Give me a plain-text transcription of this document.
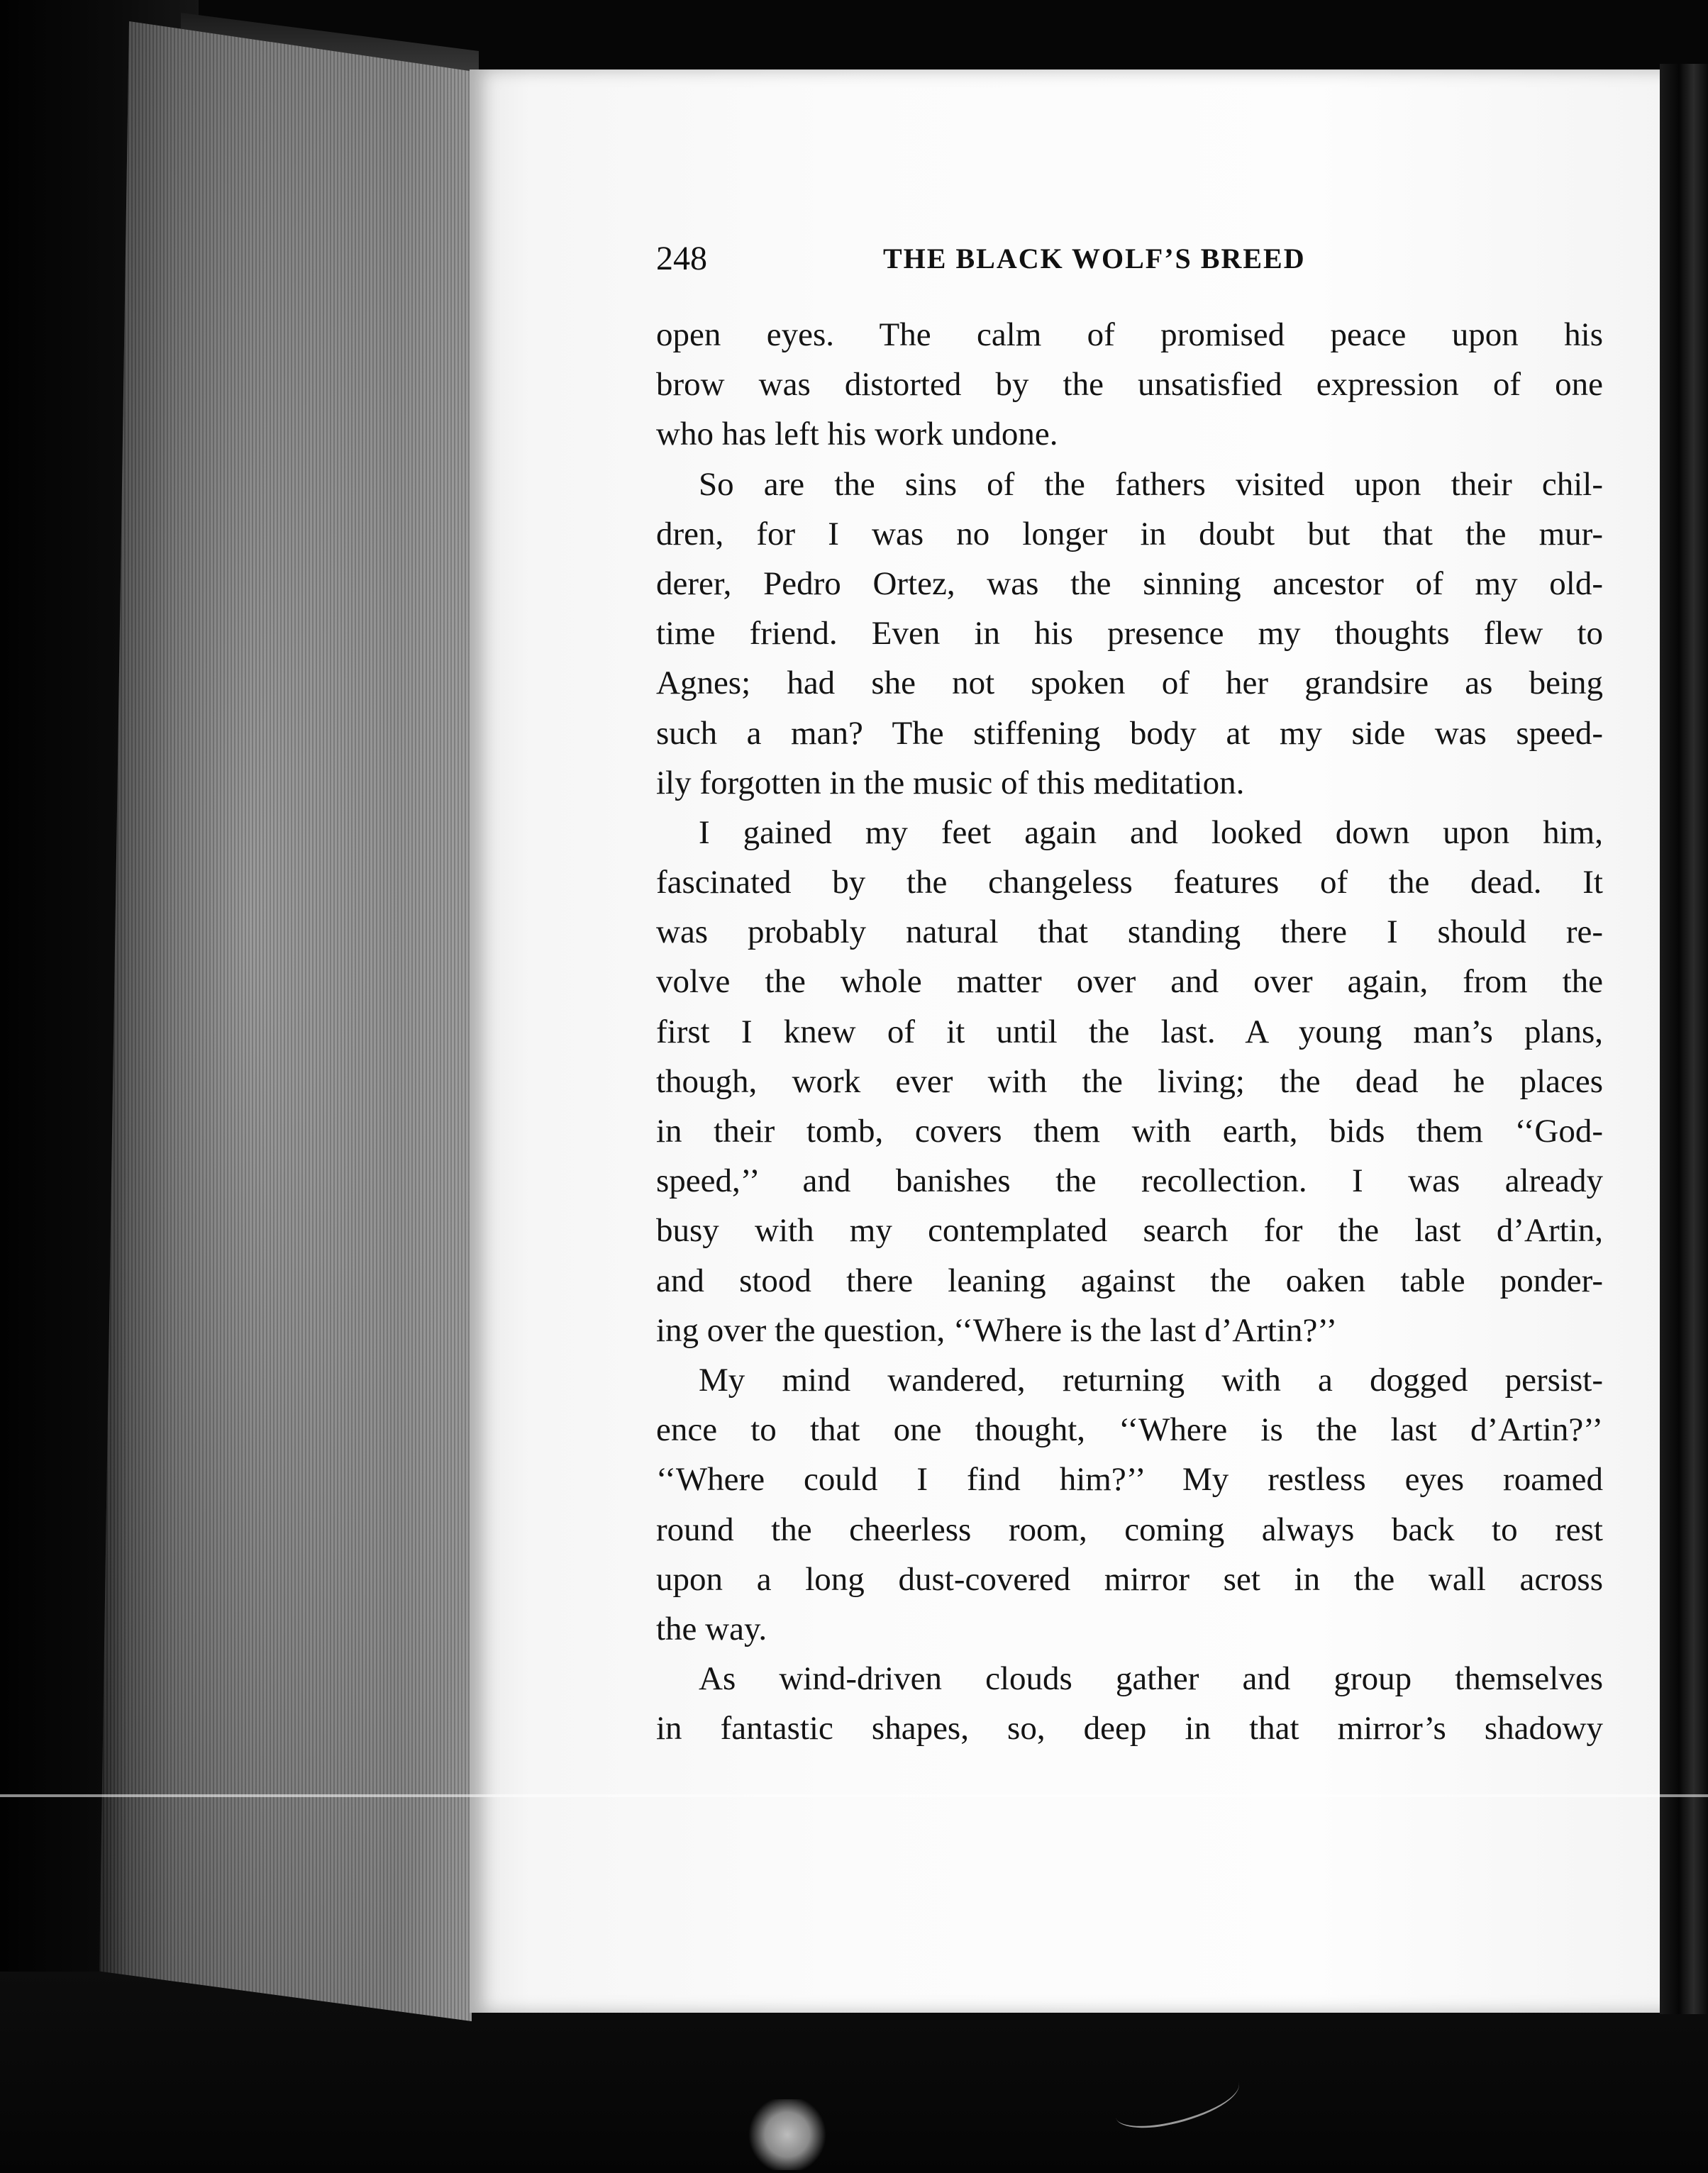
248	THE BLACK WOLF’S BREED
open eyes. The calm of promised peace upon his
brow was distorted by the unsatisfied expression of one
who has left his work undone.
So are the sins of the fathers visited upon their chil-
dren, for I was no longer in doubt but that the mur-
derer, Pedro Ortez, was the sinning ancestor of my old-
time friend. Even in his presence my thoughts flew to
Agnes; had she not spoken of her grandsire as being
such a man? The stiffening body at my side was speed-
ily forgotten in the music of this meditation.
I gained my feet again and looked down upon him,
fascinated by the changeless features of the dead. It
was probably natural that standing there I should re-
volve the whole matter over and over again, from the
first I knew of it until the last. A young man’s plans,
though, work ever with the living; the dead he places
in their tomb, covers them with earth, bids them ‘‘God-
speed,’’ and banishes the recollection. I was already
busy with my contemplated search for the last d’Artin,
and stood there leaning against the oaken table ponder-
ing over the question, ‘‘Where is the last d’Artin?’’
My mind wandered, returning with a dogged persist-
ence to that one thought, ‘‘Where is the last d’Artin?’’
‘‘Where could I find him?’’ My restless eyes roamed
round the cheerless room, coming always back to rest
upon a long dust-covered mirror set in the wall across
the way.
As wind-driven clouds gather and group themselves
in fantastic shapes, so, deep in that mirror’s shadowy
